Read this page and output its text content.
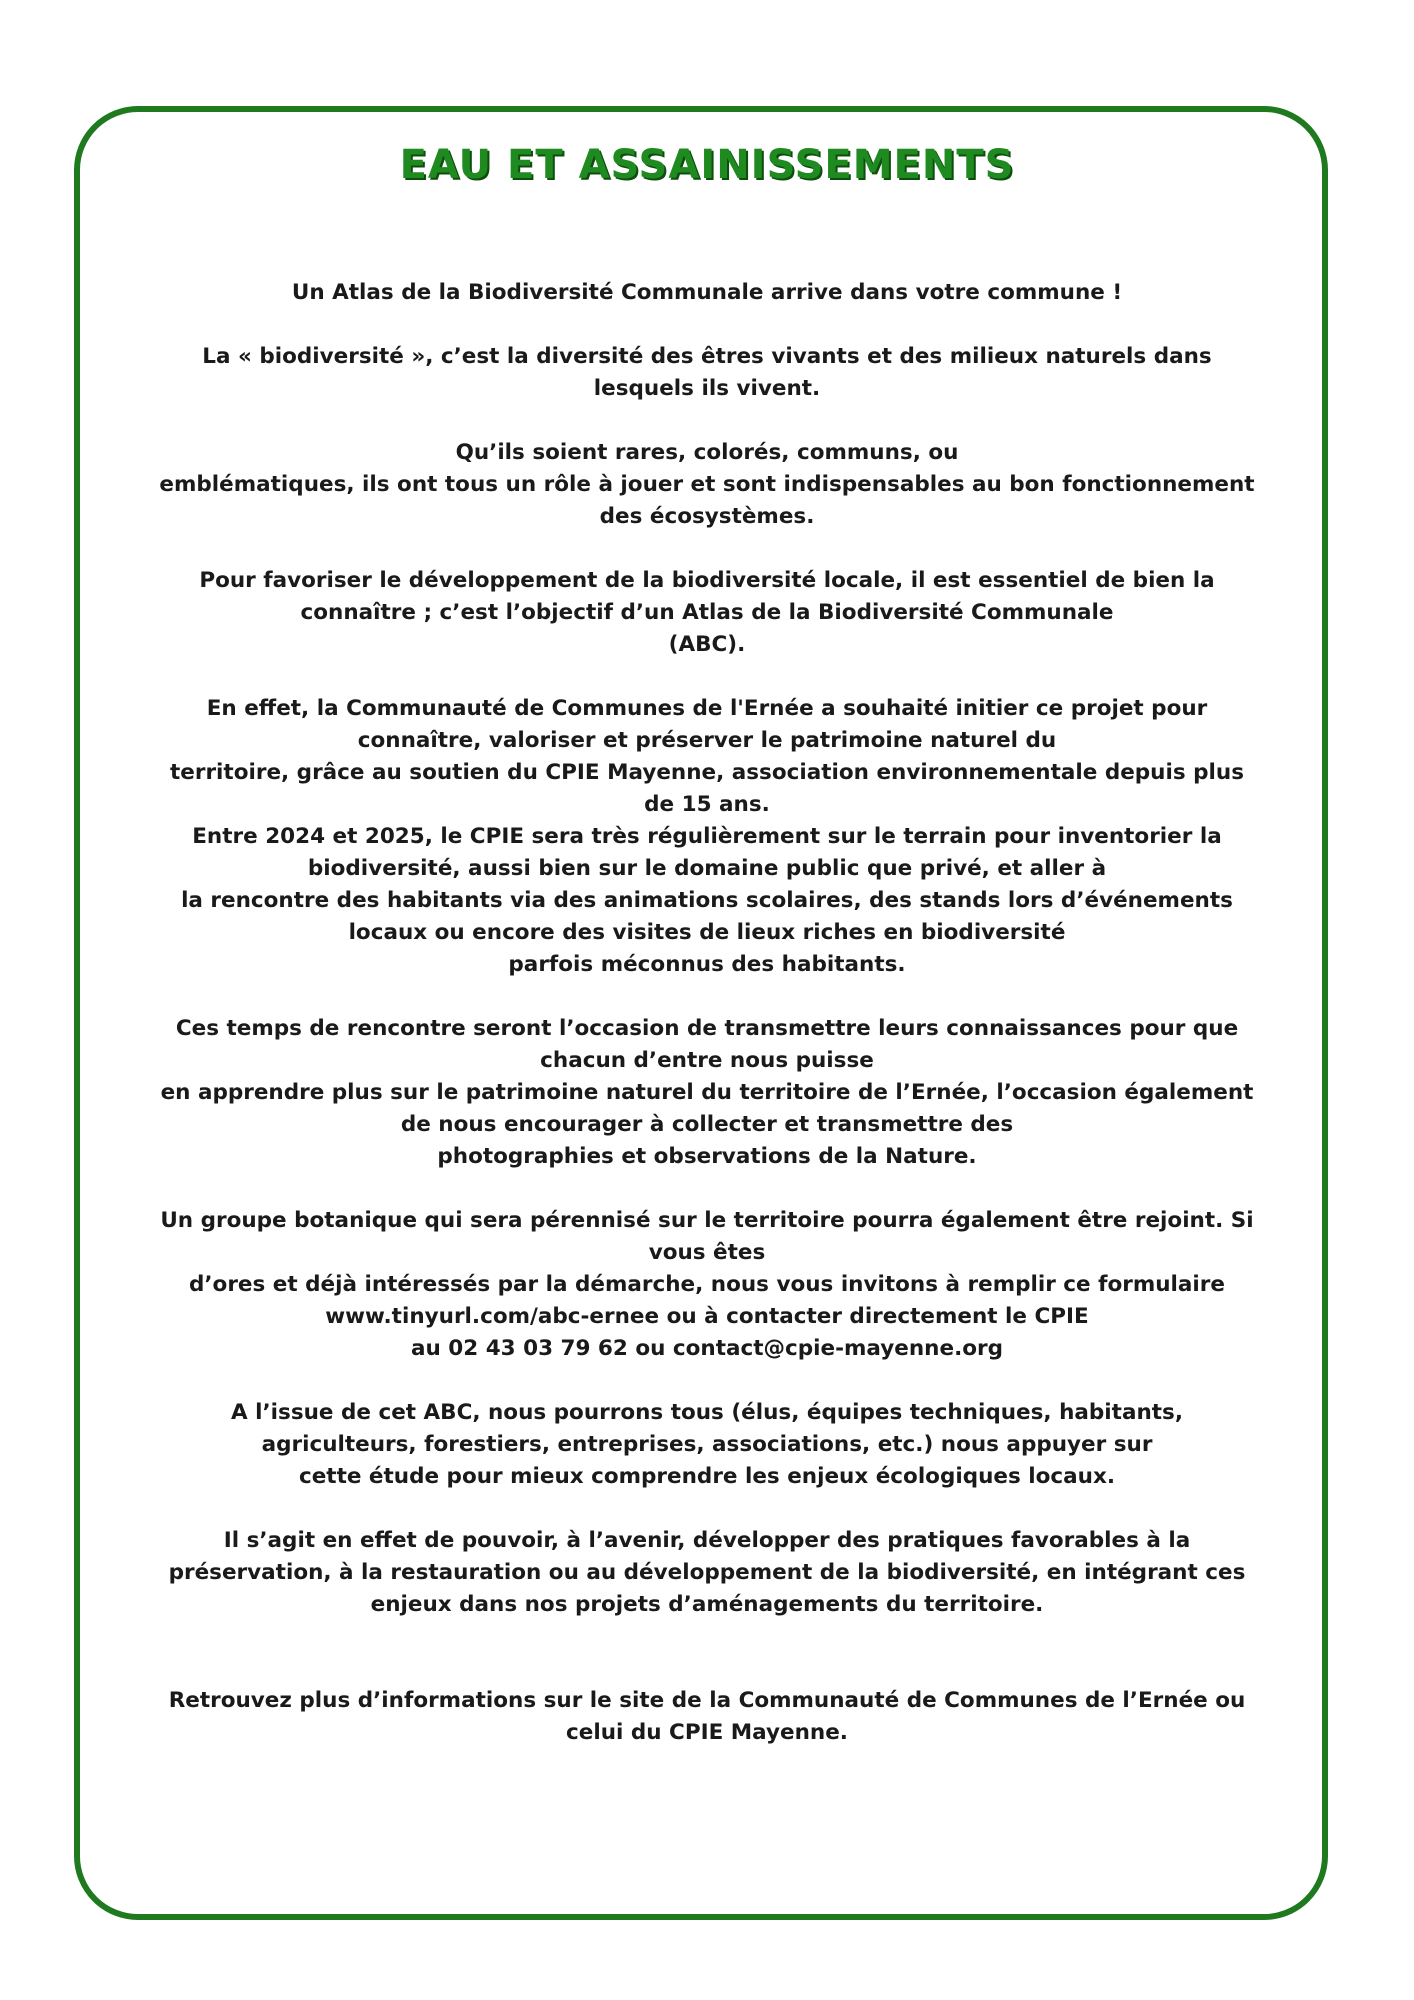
EAU ET ASSAINISSEMENTS

Un Atlas de la Biodiversité Communale arrive dans votre commune !

La « biodiversité », c’est la diversité des êtres vivants et des milieux naturels dans
lesquels ils vivent.

Qu’ils soient rares, colorés, communs, ou
emblématiques, ils ont tous un rôle à jouer et sont indispensables au bon fonctionnement
des écosystèmes.

Pour favoriser le développement de la biodiversité locale, il est essentiel de bien la
connaître ; c’est l’objectif d’un Atlas de la Biodiversité Communale
(ABC).

En effet, la Communauté de Communes de l'Ernée a souhaité initier ce projet pour
connaître, valoriser et préserver le patrimoine naturel du
territoire, grâce au soutien du CPIE Mayenne, association environnementale depuis plus
de 15 ans.
Entre 2024 et 2025, le CPIE sera très régulièrement sur le terrain pour inventorier la
biodiversité, aussi bien sur le domaine public que privé, et aller à
la rencontre des habitants via des animations scolaires, des stands lors d’événements
locaux ou encore des visites de lieux riches en biodiversité
parfois méconnus des habitants.

Ces temps de rencontre seront l’occasion de transmettre leurs connaissances pour que
chacun d’entre nous puisse
en apprendre plus sur le patrimoine naturel du territoire de l’Ernée, l’occasion également
de nous encourager à collecter et transmettre des
photographies et observations de la Nature.

Un groupe botanique qui sera pérennisé sur le territoire pourra également être rejoint. Si
vous êtes
d’ores et déjà intéressés par la démarche, nous vous invitons à remplir ce formulaire
www.tinyurl.com/abc-ernee ou à contacter directement le CPIE
au 02 43 03 79 62 ou contact@cpie-mayenne.org

A l’issue de cet ABC, nous pourrons tous (élus, équipes techniques, habitants,
agriculteurs, forestiers, entreprises, associations, etc.) nous appuyer sur
cette étude pour mieux comprendre les enjeux écologiques locaux.

Il s’agit en effet de pouvoir, à l’avenir, développer des pratiques favorables à la
préservation, à la restauration ou au développement de la biodiversité, en intégrant ces
enjeux dans nos projets d’aménagements du territoire.

Retrouvez plus d’informations sur le site de la Communauté de Communes de l’Ernée ou
celui du CPIE Mayenne.
